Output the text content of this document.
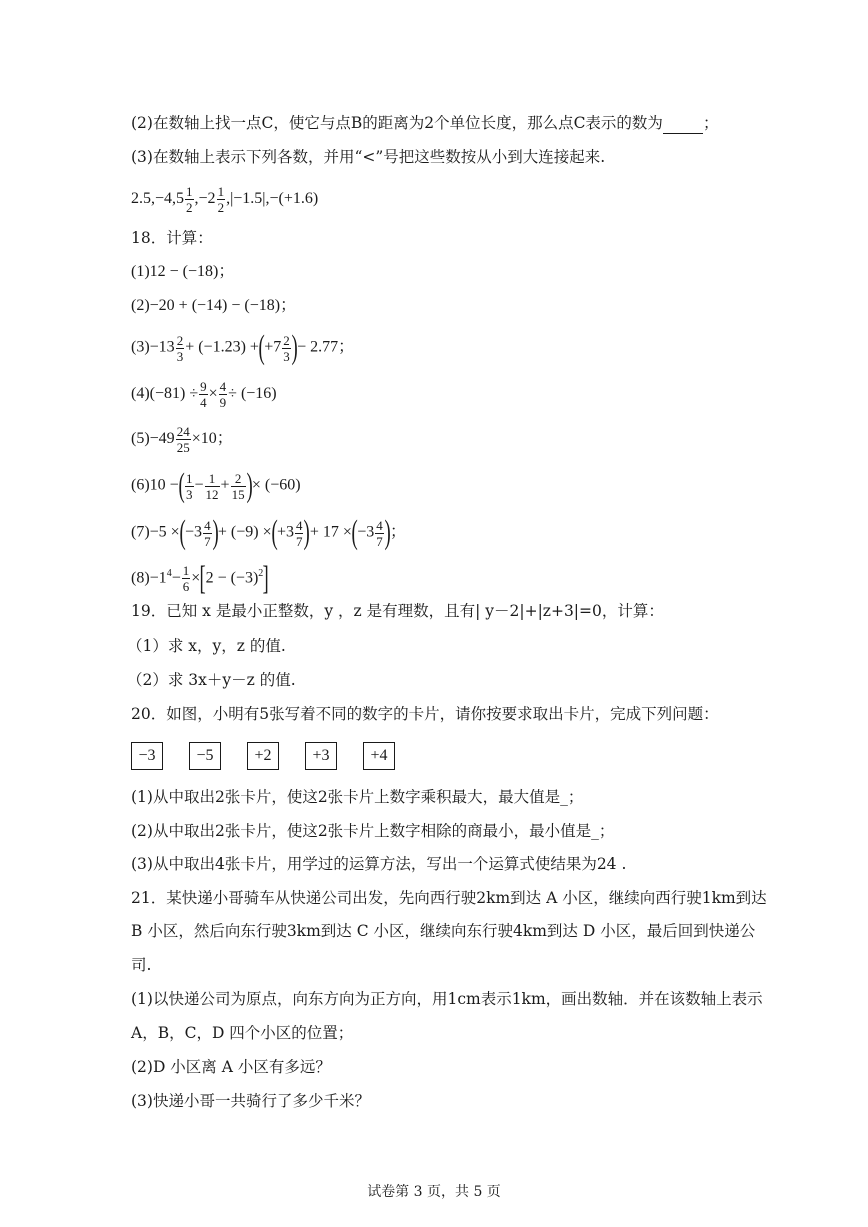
(2)在数轴上找一点C，使它与点B的距离为2个单位长度，那么点C表示的数为	；
(3)在数轴上表示下列各数，并用“<”号把这些数按从小到大连接起来.
$2.5,-4,5 \frac{1}{2} ,-2 \frac{1}{2} ,|-1.5|,-(+1.6)$
18．计算：
(1)12 − (−18)；
(2)−20 + (−14) − (−18)；
$(3)-13 \frac{2}{3} + (-1.23) +(+7 \frac{2}{3}$ )− 2.77；
$(4)(-81) \div \frac{9}{4} \times \frac{4}{9} \div (-16)$
$(5)-49 \frac{24}{25} \times 10$；
(6)10 −( $\frac{1}{3} - \frac{1}{12} + \frac{2}{15}$ )× (−60)
$(7)-5 \times(-3 \frac{4}{7}$ )+ $(-9) \times(+3 \frac{4}{7}$ )+ $17 \times(-3 \frac{4}{7}$ )；
$(8)-1^4- \frac{1}{6} \times[2 - (-3)^2]$
19．已知 x 是最小正整数，y ，z 是有理数，且有| y－2|+|z+3|=0，计算：
（1）求 x，y，z 的值.
（2）求 3x＋y－z 的值.
20．如图，小明有5张写着不同的数字的卡片，请你按要求取出卡片，完成下列问题：
−3	−5	+2	+3	+4
(1)从中取出2张卡片，使这2张卡片上数字乘积最大，最大值是_；
(2)从中取出2张卡片，使这2张卡片上数字相除的商最小，最小值是_；
(3)从中取出4张卡片，用学过的运算方法，写出一个运算式使结果为24 .
21．某快递小哥骑车从快递公司出发，先向西行驶2km到达 A 小区，继续向西行驶1km到达
B 小区，然后向东行驶3km到达 C 小区，继续向东行驶4km到达 D 小区，最后回到快递公
司.
(1)以快递公司为原点，向东方向为正方向，用1cm表示1km，画出数轴．并在该数轴上表示
A，B，C，D 四个小区的位置；
(2)D 小区离 A 小区有多远？
(3)快递小哥一共骑行了多少千米？
试卷第 3 页，共 5 页
